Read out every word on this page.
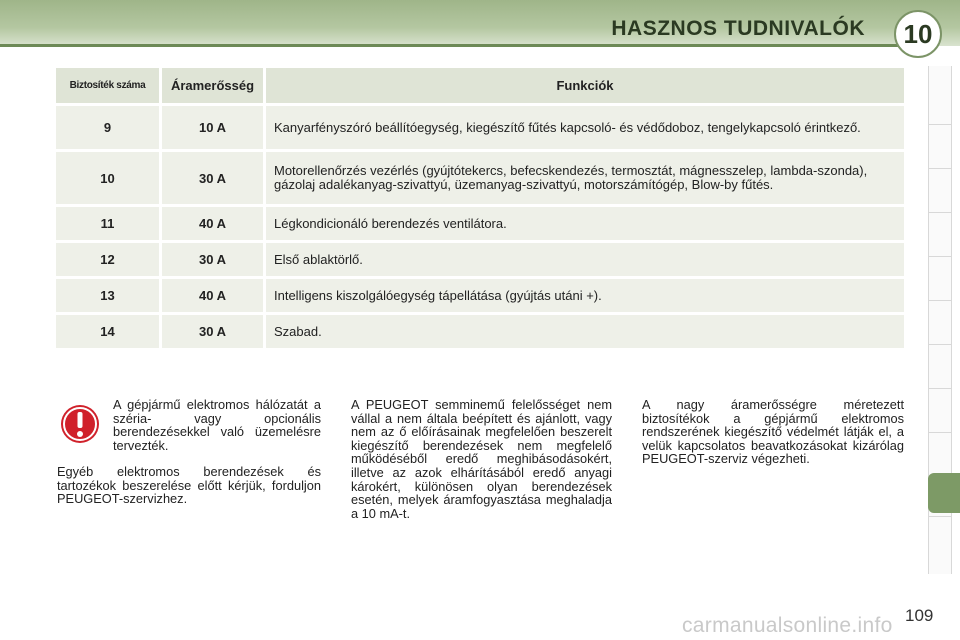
HASZNOS TUDNIVALÓK 10
Biztosíték száma	Áramerősség	Funkciók
9	10 A	Kanyarfényszóró beállítóegység, kiegészítő fűtés kapcsoló- és védődoboz, tengelykapcsoló érintkező.
10	30 A	Motorellenőrzés vezérlés (gyújtótekercs, befecskendezés, termosztát, mágnesszelep, lambda-szonda), gázolaj adalékanyag-szivattyú, üzemanyag-szivattyú, motorszámítógép, Blow-by fűtés.
11	40 A	Légkondicionáló berendezés ventilátora.
12	30 A	Első ablaktörlő.
13	40 A	Intelligens kiszolgálóegység tápellátása (gyújtás utáni +).
14	30 A	Szabad.
A gépjármű elektromos hálózatát a széria- vagy opcionális berendezésekkel való üzemelésre tervezték.
Egyéb elektromos berendezések és tartozékok beszerelése előtt kérjük, forduljon PEUGEOT-szervizhez.
A PEUGEOT semminemű felelősséget nem vállal a nem általa beépített és ajánlott, vagy nem az ő előírásainak megfelelően beszerelt kiegészítő berendezések nem megfelelő működéséből eredő meghibásodásokért, illetve az azok elhárításából eredő anyagi károkért, különösen olyan berendezések esetén, melyek áramfogyasztása meghaladja a 10 mA-t.
A nagy áramerősségre méretezett biztosítékok a gépjármű elektromos rendszerének kiegészítő védelmét látják el, a velük kapcsolatos beavatkozásokat kizárólag PEUGEOT-szerviz végezheti.
carmanualsonline.info 109
